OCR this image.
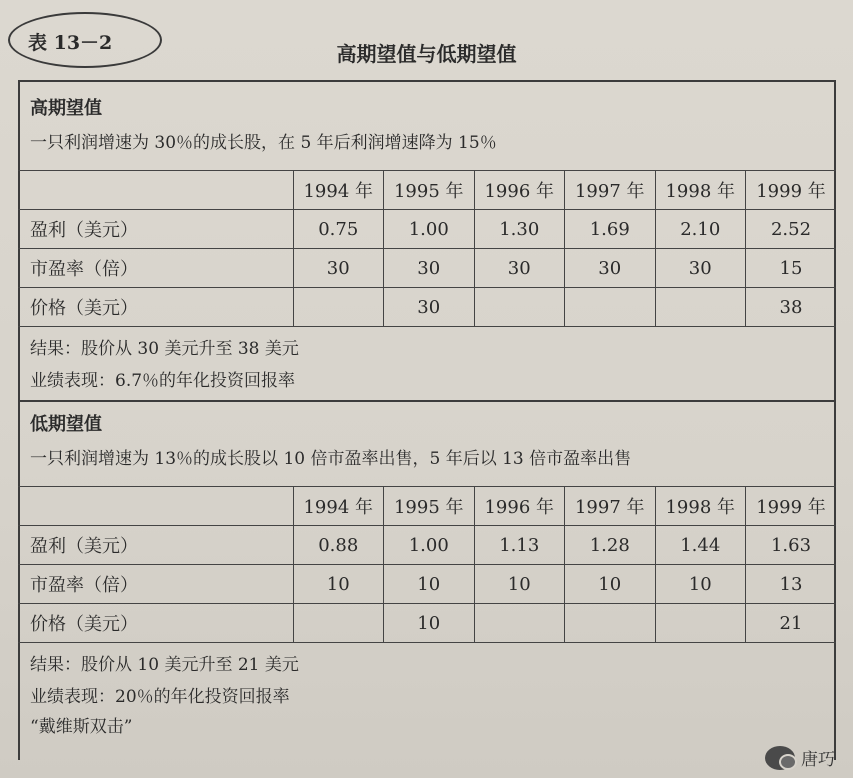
表 13－2	高期望值与低期望值
高期望值
一只利润增速为 30％的成长股，在 5 年后利润增速降为 15％
	1994 年	1995 年	1996 年	1997 年	1998 年	1999 年
盈利（美元）	0.75	1.00	1.30	1.69	2.10	2.52
市盈率（倍）	30	30	30	30	30	15
价格（美元）		30				38
结果：股价从 30 美元升至 38 美元
业绩表现：6.7％的年化投资回报率
低期望值
一只利润增速为 13％的成长股以 10 倍市盈率出售，5 年后以 13 倍市盈率出售
	1994 年	1995 年	1996 年	1997 年	1998 年	1999 年
盈利（美元）	0.88	1.00	1.13	1.28	1.44	1.63
市盈率（倍）	10	10	10	10	10	13
价格（美元）		10				21
结果：股价从 10 美元升至 21 美元
业绩表现：20％的年化投资回报率
“戴维斯双击”
唐巧
